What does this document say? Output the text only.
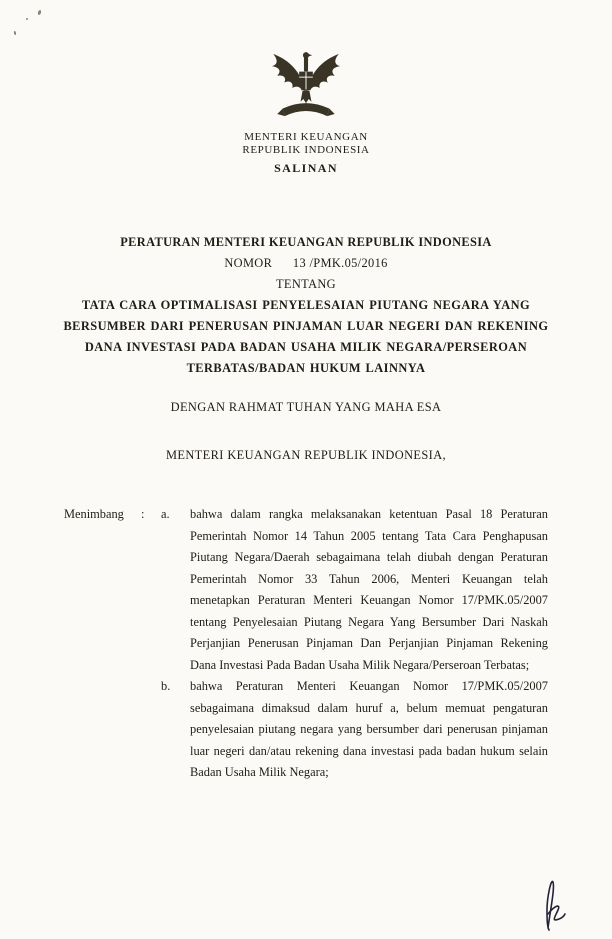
MENTERI KEUANGAN
REPUBLIK INDONESIA
SALINAN
PERATURAN MENTERI KEUANGAN REPUBLIK INDONESIA
NOMOR      13 /PMK.05/2016
TENTANG
TATA CARA OPTIMALISASI PENYELESAIAN PIUTANG NEGARA YANG BERSUMBER DARI PENERUSAN PINJAMAN LUAR NEGERI DAN REKENING DANA INVESTASI PADA BADAN USAHA MILIK NEGARA/PERSEROAN TERBATAS/BADAN HUKUM LAINNYA
DENGAN RAHMAT TUHAN YANG MAHA ESA
MENTERI KEUANGAN REPUBLIK INDONESIA,
Menimbang	:	a.	bahwa dalam rangka melaksanakan ketentuan Pasal 18 Peraturan Pemerintah Nomor 14 Tahun 2005 tentang Tata Cara Penghapusan Piutang Negara/Daerah sebagaimana telah diubah dengan Peraturan Pemerintah Nomor 33 Tahun 2006, Menteri Keuangan telah menetapkan Peraturan Menteri Keuangan Nomor 17/PMK.05/2007 tentang Penyelesaian Piutang Negara Yang Bersumber Dari Naskah Perjanjian Penerusan Pinjaman Dan Perjanjian Pinjaman Rekening Dana Investasi Pada Badan Usaha Milik Negara/Perseroan Terbatas;
b.	bahwa Peraturan Menteri Keuangan Nomor 17/PMK.05/2007 sebagaimana dimaksud dalam huruf a, belum memuat pengaturan penyelesaian piutang negara yang bersumber dari penerusan pinjaman luar negeri dan/atau rekening dana investasi pada badan hukum selain Badan Usaha Milik Negara;
